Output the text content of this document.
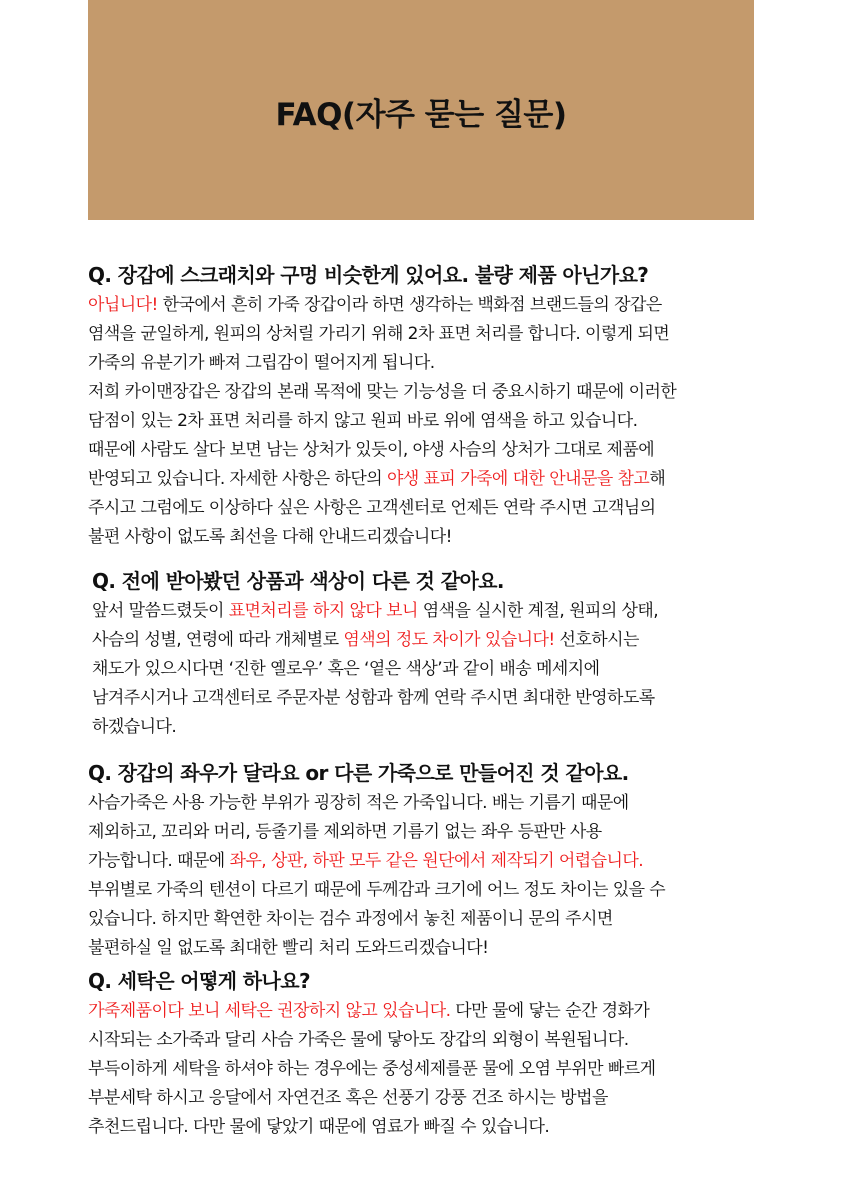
FAQ(자주 묻는 질문)
Q. 장갑에 스크래치와 구멍 비슷한게 있어요. 불량 제품 아닌가요?
아닙니다! 한국에서 흔히 가죽 장갑이라 하면 생각하는 백화점 브랜드들의 장갑은
염색을 균일하게, 원피의 상처릴 가리기 위해 2차 표면 처리를 합니다. 이렇게 되면
가죽의 유분기가 빠져 그립감이 떨어지게 됩니다.
저희 카이맨장갑은 장갑의 본래 목적에 맞는 기능성을 더 중요시하기 때문에 이러한
담점이 있는 2차 표면 처리를 하지 않고 원피 바로 위에 염색을 하고 있습니다.
때문에 사람도 살다 보면 남는 상처가 있듯이, 야생 사슴의 상처가 그대로 제품에
반영되고 있습니다. 자세한 사항은 하단의 야생 표피 가죽에 대한 안내문을 참고해
주시고 그럼에도 이상하다 싶은 사항은 고객센터로 언제든 연락 주시면 고객님의
불편 사항이 없도록 최선을 다해 안내드리겠습니다!
Q. 전에 받아봤던 상품과 색상이 다른 것 같아요.
앞서 말씀드렸듯이 표면처리를 하지 않다 보니 염색을 실시한 계절, 원피의 상태,
사슴의 성별, 연령에 따라 개체별로 염색의 정도 차이가 있습니다! 선호하시는
채도가 있으시다면 ‘진한 옐로우’ 혹은 ‘옅은 색상’과 같이 배송 메세지에
남겨주시거나 고객센터로 주문자분 성함과 함께 연락 주시면 최대한 반영하도록
하겠습니다.
Q. 장갑의 좌우가 달라요 or 다른 가죽으로 만들어진 것 같아요.
사슴가죽은 사용 가능한 부위가 굉장히 적은 가죽입니다. 배는 기름기 때문에
제외하고, 꼬리와 머리, 등줄기를 제외하면 기름기 없는 좌우 등판만 사용
가능합니다. 때문에 좌우, 상판, 하판 모두 같은 원단에서 제작되기 어렵습니다.
부위별로 가죽의 텐션이 다르기 때문에 두께감과 크기에 어느 정도 차이는 있을 수
있습니다. 하지만 확연한 차이는 검수 과정에서 놓친 제품이니 문의 주시면
불편하실 일 없도록 최대한 빨리 처리 도와드리겠습니다!
Q. 세탁은 어떻게 하나요?
가죽제품이다 보니 세탁은 권장하지 않고 있습니다. 다만 물에 닿는 순간 경화가
시작되는 소가죽과 달리 사슴 가죽은 물에 닿아도 장갑의 외형이 복원됩니다.
부득이하게 세탁을 하셔야 하는 경우에는 중성세제를푼 물에 오염 부위만 빠르게
부분세탁 하시고 응달에서 자연건조 혹은 선풍기 강풍 건조 하시는 방법을
추천드립니다. 다만 물에 닿았기 때문에 염료가 빠질 수 있습니다.
